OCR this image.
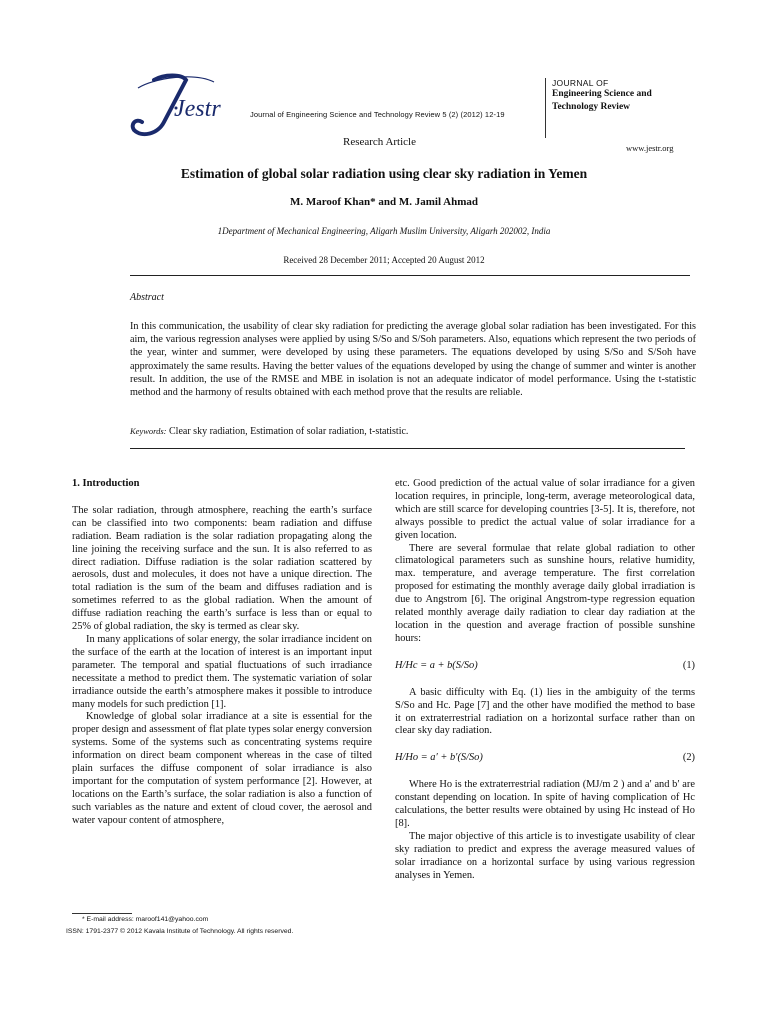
Jestr	Journal of Engineering Science and Technology Review 5 (2) (2012) 12-19
JOURNAL OF
Engineering Science and
Technology Review
www.jestr.org
Research Article
Estimation of global solar radiation using clear sky radiation in Yemen
M. Maroof Khan* and M. Jamil Ahmad
1Department of Mechanical Engineering, Aligarh Muslim University, Aligarh 202002, India
Received 28 December 2011; Accepted 20 August 2012
Abstract
In this communication, the usability of clear sky radiation for predicting the average global solar radiation has been investigated. For this aim, the various regression analyses were applied by using S/So and S/Soh parameters. Also, equations which represent the two periods of the year, winter and summer, were developed by using these parameters. The equations developed by using S/So and S/Soh have approximately the same results. Having the better values of the equations developed by using the change of summer and winter is another result. In addition, the use of the RMSE and MBE in isolation is not an adequate indicator of model performance. Using the t-statistic method and the harmony of results obtained with each method prove that the results are reliable.
Keywords: Clear sky radiation, Estimation of solar radiation, t-statistic.

1. Introduction

The solar radiation, through atmosphere, reaching the earth’s surface can be classified into two components: beam radiation and diffuse radiation. Beam radiation is the solar radiation propagating along the line joining the receiving surface and the sun. It is also referred to as direct radiation. Diffuse radiation is the solar radiation scattered by aerosols, dust and molecules, it does not have a unique direction. The total radiation is the sum of the beam and diffuses radiation and is sometimes referred to as the global radiation. When the amount of diffuse radiation reaching the earth’s surface is less than or equal to 25% of global radiation, the sky is termed as clear sky.

In many applications of solar energy, the solar irradiance incident on the surface of the earth at the location of interest is an important input parameter. The temporal and spatial fluctuations of such irradiance necessitate a method to predict them. The systematic variation of solar irradiance outside the earth’s atmosphere makes it possible to introduce many models for such prediction [1].

Knowledge of global solar irradiance at a site is essential for the proper design and assessment of flat plate types solar energy conversion systems. Some of the systems such as concentrating systems require information on direct beam component whereas in the case of tilted plain surfaces the diffuse component of solar irradiance is also important for the computation of system performance [2]. However, at locations on the Earth’s surface, the solar radiation is also a function of such variables as the nature and extent of cloud cover, the aerosol and water vapour content of atmosphere,

etc. Good prediction of the actual value of solar irradiance for a given location requires, in principle, long-term, average meteorological data, which are still scarce for developing countries [3-5]. It is, therefore, not always possible to predict the actual value of solar irradiance for a given location.

There are several formulae that relate global radiation to other climatological parameters such as sunshine hours, relative humidity, max. temperature, and average temperature. The first correlation proposed for estimating the monthly average daily global irradiation is due to Angstrom [6]. The original Angstrom-type regression equation related monthly average daily radiation to clear day radiation at the location in the question and average fraction of possible sunshine hours:

H/Hc = a + b(S/So)	(1)

A basic difficulty with Eq. (1) lies in the ambiguity of the terms S/So and Hc. Page [7] and the other have modified the method to base it on extraterrestrial radiation on a horizontal surface rather than on clear sky day radiation.

H/Ho = a′ + b′(S/So)	(2)

Where Ho is the extraterrestrial radiation (MJ/m 2 ) and a′ and b′ are constant depending on location. In spite of having complication of Hc calculations, the better results were obtained by using Hc instead of Ho [8].

The major objective of this article is to investigate usability of clear sky radiation to predict and express the average measured values of solar irradiance on a horizontal surface by using various regression analyses in Yemen.

* E-mail address: maroof141@yahoo.com
ISSN: 1791-2377 © 2012 Kavala Institute of Technology. All rights reserved.
